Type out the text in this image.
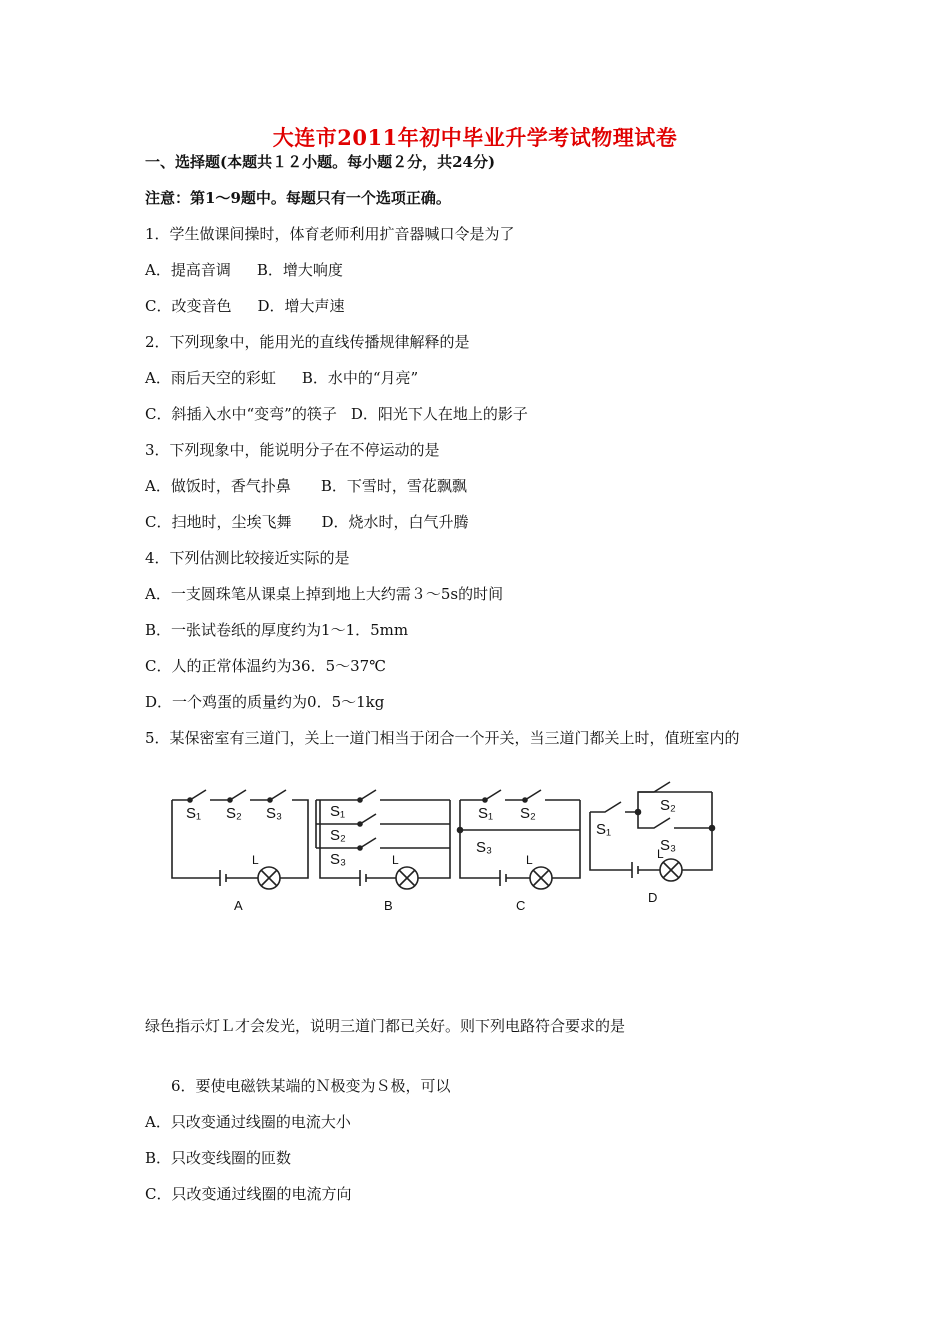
大连市2011年初中毕业升学考试物理试卷
一、选择题(本题共１２小题。每小题２分，共24分)
注意：第1～9题中。每题只有一个选项正确。
1．学生做课间操时，体育老师利用扩音器喊口令是为了
A．提高音调 B．增大响度
C．改变音色 D．增大声速
2．下列现象中，能用光的直线传播规律解释的是
A．雨后天空的彩虹 B．水中的“月亮”
C．斜插入水中“变弯”的筷子 D．阳光下人在地上的影子
3．下列现象中，能说明分子在不停运动的是
A．做饭时，香气扑鼻 B．下雪时，雪花飘飘
C．扫地时，尘埃飞舞 D．烧水时，白气升腾
4．下列估测比较接近实际的是
A．一支圆珠笔从课桌上掉到地上大约需３～5s的时间
B．一张试卷纸的厚度约为1～1．5mm
C．人的正常体温约为36．5～37℃
D．一个鸡蛋的质量约为0．5～1kg
5．某保密室有三道门，关上一道门相当于闭合一个开关，当三道门都关上时，值班室内的
S₁ S₂ S₃
L
A
S₁
S₂
S₃	L
B
S₁ S₂
S₃
L
C
S₁
S₂
S₃
L
D
绿色指示灯Ｌ才会发光，说明三道门都已关好。则下列电路符合要求的是
6．要使电磁铁某端的Ｎ极变为Ｓ极，可以
A．只改变通过线圈的电流大小
B．只改变线圈的匝数
C．只改变通过线圈的电流方向
